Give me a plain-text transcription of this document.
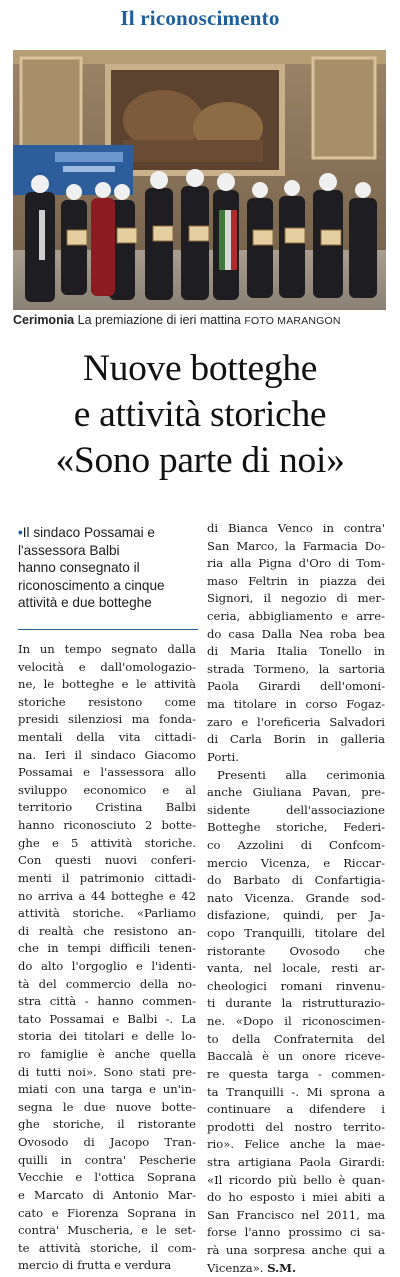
Il riconoscimento
Cerimonia La premiazione di ieri mattina FOTO MARANGON
Nuove botteghe
e attività storiche
«Sono parte di noi»
•Il sindaco Possamai e
l'assessora Balbi
hanno consegnato il
riconoscimento a cinque
attività e due botteghe
In un tempo segnato dalla
velocità e dall'omologazio-
ne, le botteghe e le attività
storiche resistono come
presidi silenziosi ma fonda-
mentali della vita cittadi-
na. Ieri il sindaco Giacomo
Possamai e l'assessora allo
sviluppo economico e al
territorio Cristina Balbi
hanno riconosciuto 2 botte-
ghe e 5 attività storiche.
Con questi nuovi conferi-
menti il patrimonio cittadi-
no arriva a 44 botteghe e 42
attività storiche. «Parliamo
di realtà che resistono an-
che in tempi difficili tenen-
do alto l'orgoglio e l'identi-
tà del commercio della no-
stra città - hanno commen-
tato Possamai e Balbi -. La
storia dei titolari e delle lo-
ro famiglie è anche quella
di tutti noi». Sono stati pre-
miati con una targa e un'in-
segna le due nuove botte-
ghe storiche, il ristorante
Ovosodo di Jacopo Tran-
quilli in contra' Pescherie
Vecchie e l'ottica Soprana
e Marcato di Antonio Mar-
cato e Fiorenza Soprana in
contra' Muscheria, e le set-
te attività storiche, il com-
mercio di frutta e verdura
di Bianca Venco in contra'
San Marco, la Farmacia Do-
ria alla Pigna d'Oro di Tom-
maso Feltrin in piazza dei
Signori, il negozio di mer-
ceria, abbigliamento e arre-
do casa Dalla Nea roba bea
di Maria Italia Tonello in
strada Tormeno, la sartoria
Paola Girardi dell'omoni-
ma titolare in corso Fogaz-
zaro e l'oreficeria Salvadori
di Carla Borin in galleria
Porti.
Presenti alla cerimonia
anche Giuliana Pavan, pre-
sidente dell'associazione
Botteghe storiche, Federi-
co Azzolini di Confcom-
mercio Vicenza, e Riccar-
do Barbato di Confartigia-
nato Vicenza. Grande sod-
disfazione, quindi, per Ja-
copo Tranquilli, titolare del
ristorante Ovosodo che
vanta, nel locale, resti ar-
cheologici romani rinvenu-
ti durante la ristrutturazio-
ne. «Dopo il riconoscimen-
to della Confraternita del
Baccalà è un onore riceve-
re questa targa - commen-
ta Tranquilli -. Mi sprona a
continuare a difendere i
prodotti del nostro territo-
rio». Felice anche la mae-
stra artigiana Paola Girardi:
«Il ricordo più bello è quan-
do ho esposto i miei abiti a
San Francisco nel 2011, ma
forse l'anno prossimo ci sa-
rà una sorpresa anche qui a
Vicenza». S.M.
